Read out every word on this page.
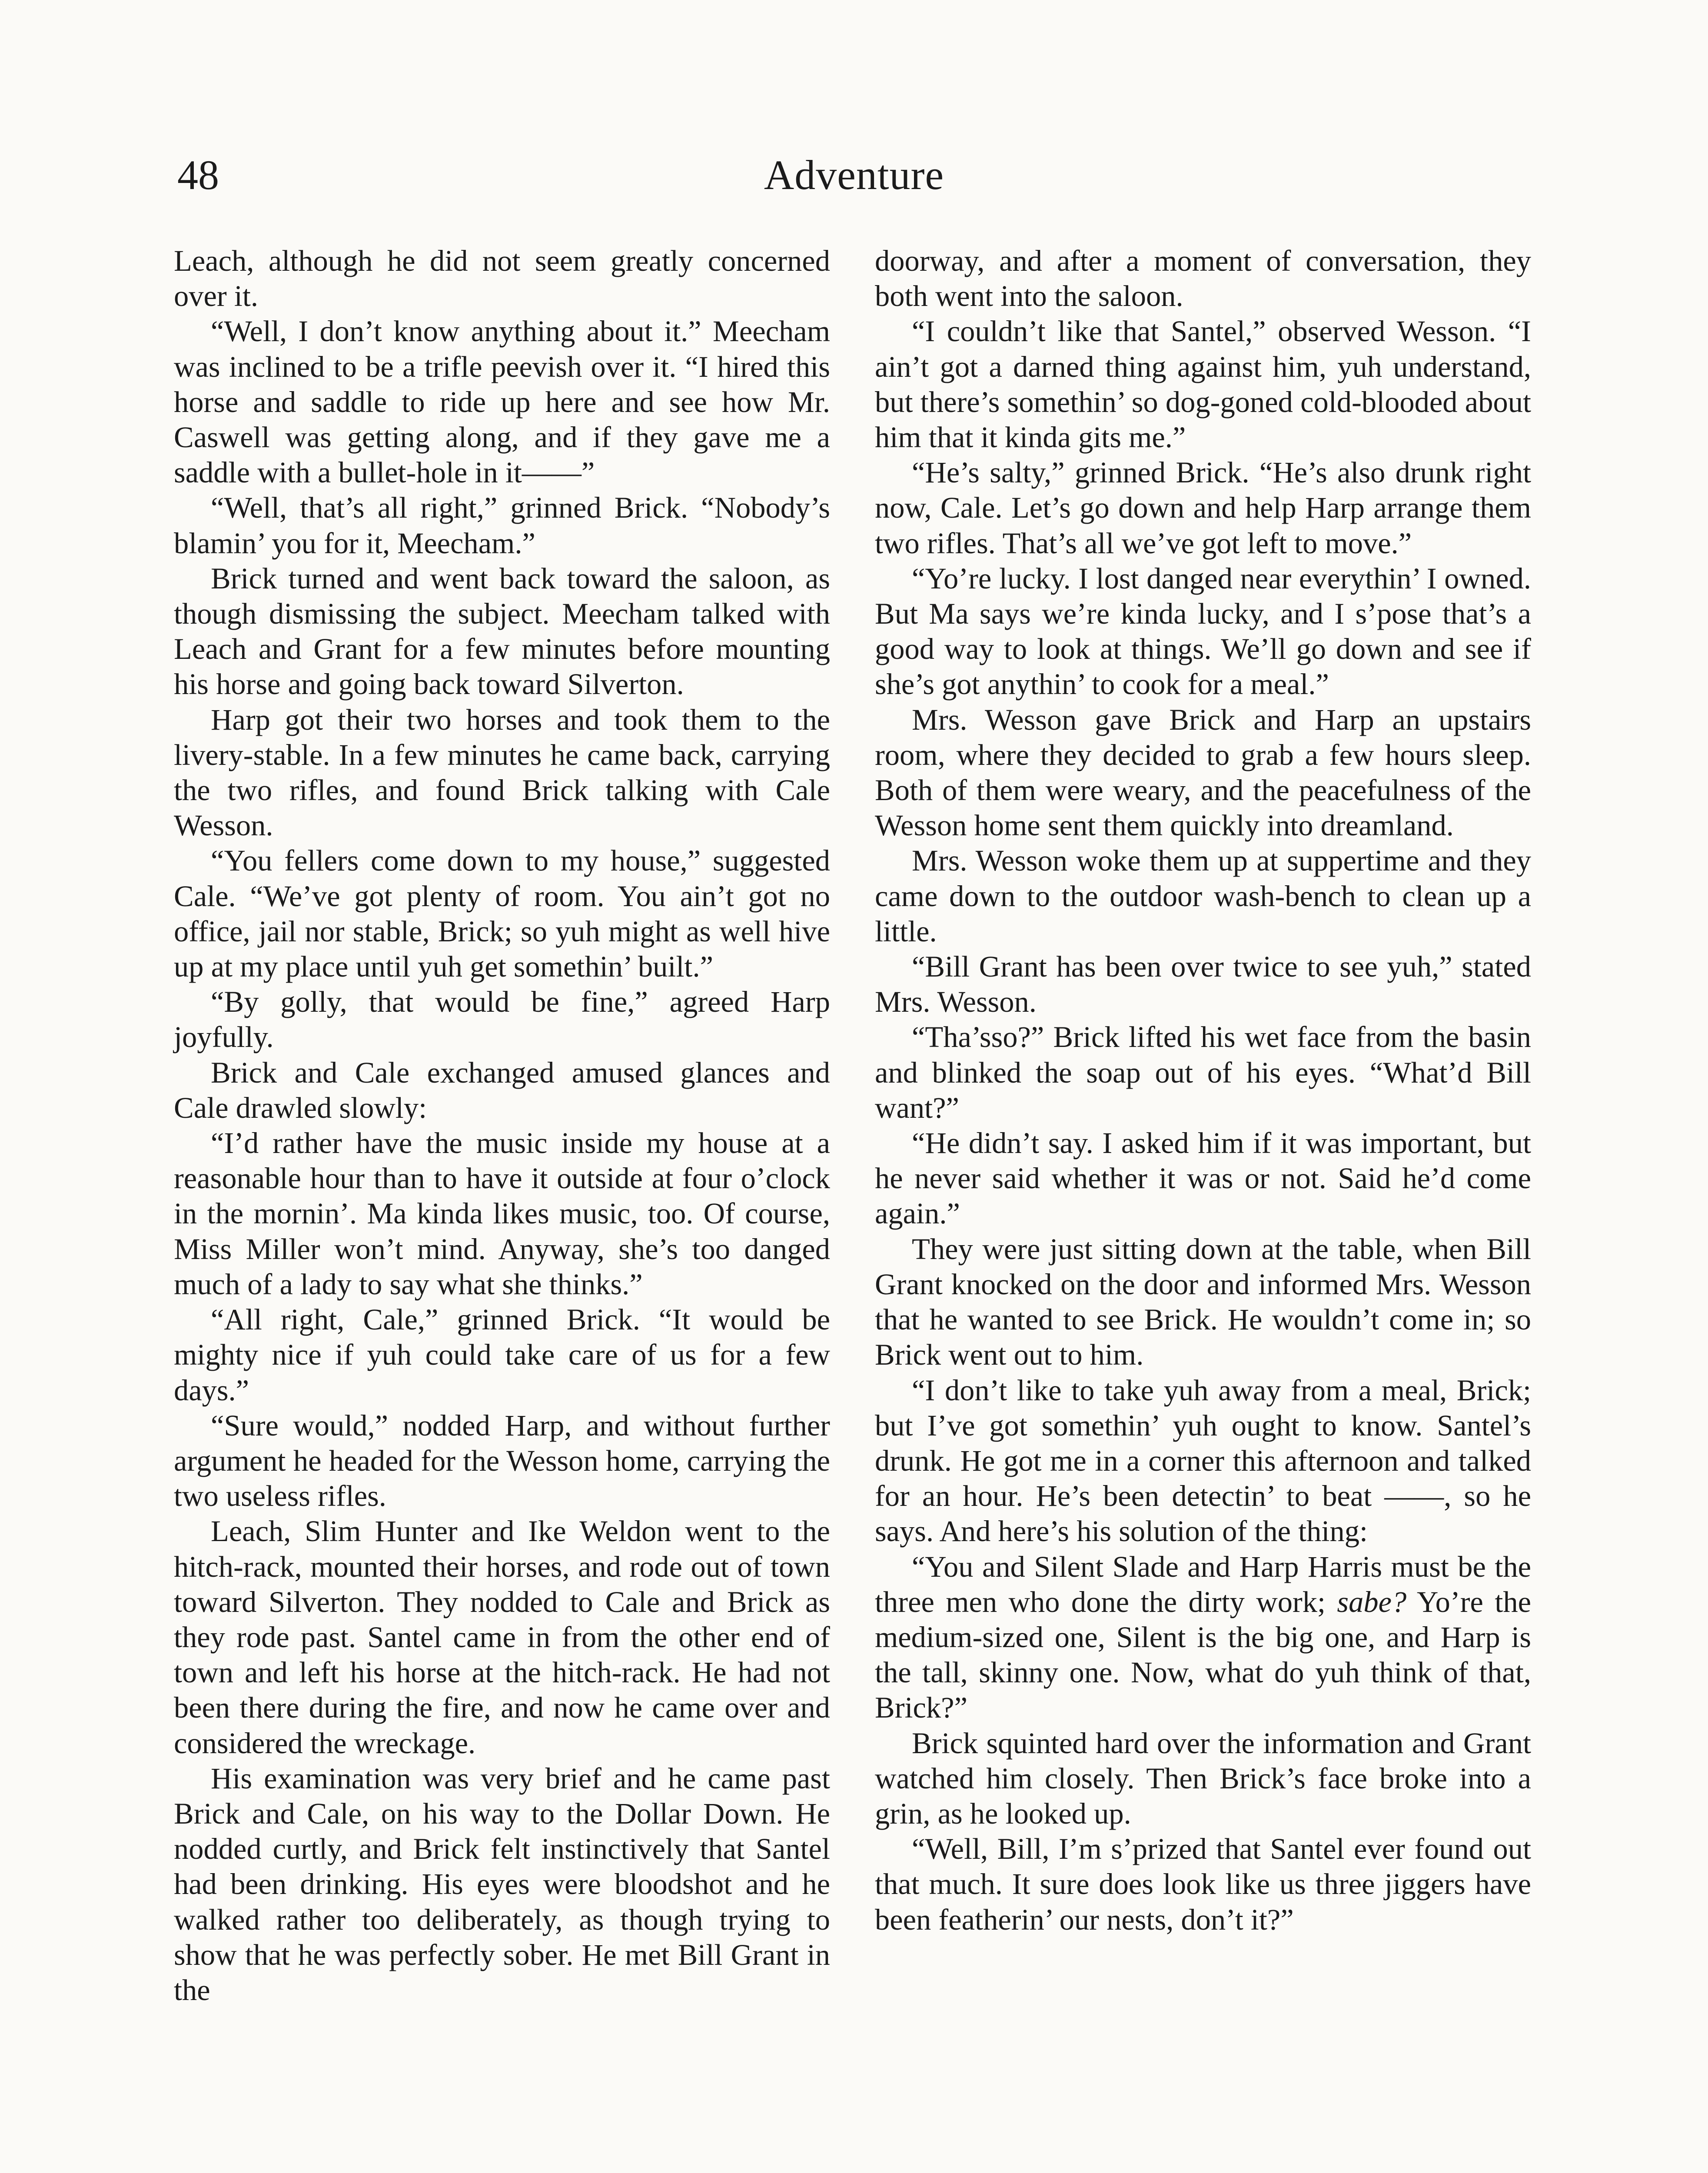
48	Adventure

Leach, although he did not seem greatly concerned over it.

“Well, I don’t know anything about it.” Meecham was inclined to be a trifle peevish over it. “I hired this horse and saddle to ride up here and see how Mr. Caswell was getting along, and if they gave me a saddle with a bullet-hole in it——”

“Well, that’s all right,” grinned Brick. “Nobody’s blamin’ you for it, Meecham.”

Brick turned and went back toward the saloon, as though dismissing the subject. Meecham talked with Leach and Grant for a few minutes before mounting his horse and going back toward Silverton.

Harp got their two horses and took them to the livery-stable. In a few minutes he came back, carrying the two rifles, and found Brick talking with Cale Wesson.

“You fellers come down to my house,” suggested Cale. “We’ve got plenty of room. You ain’t got no office, jail nor stable, Brick; so yuh might as well hive up at my place until yuh get somethin’ built.”

“By golly, that would be fine,” agreed Harp joyfully.

Brick and Cale exchanged amused glances and Cale drawled slowly:

“I’d rather have the music inside my house at a reasonable hour than to have it outside at four o’clock in the mornin’. Ma kinda likes music, too. Of course, Miss Miller won’t mind. Anyway, she’s too danged much of a lady to say what she thinks.”

“All right, Cale,” grinned Brick. “It would be mighty nice if yuh could take care of us for a few days.”

“Sure would,” nodded Harp, and without further argument he headed for the Wesson home, carrying the two useless rifles.

Leach, Slim Hunter and Ike Weldon went to the hitch-rack, mounted their horses, and rode out of town toward Silverton. They nodded to Cale and Brick as they rode past. Santel came in from the other end of town and left his horse at the hitch-rack. He had not been there during the fire, and now he came over and considered the wreckage.

His examination was very brief and he came past Brick and Cale, on his way to the Dollar Down. He nodded curtly, and Brick felt instinctively that Santel had been drinking. His eyes were bloodshot and he walked rather too deliberately, as though trying to show that he was perfectly sober. He met Bill Grant in the

doorway, and after a moment of conversation, they both went into the saloon.

“I couldn’t like that Santel,” observed Wesson. “I ain’t got a darned thing against him, yuh understand, but there’s somethin’ so dog-goned cold-blooded about him that it kinda gits me.”

“He’s salty,” grinned Brick. “He’s also drunk right now, Cale. Let’s go down and help Harp arrange them two rifles. That’s all we’ve got left to move.”

“Yo’re lucky. I lost danged near everythin’ I owned. But Ma says we’re kinda lucky, and I s’pose that’s a good way to look at things. We’ll go down and see if she’s got anythin’ to cook for a meal.”

Mrs. Wesson gave Brick and Harp an upstairs room, where they decided to grab a few hours sleep. Both of them were weary, and the peacefulness of the Wesson home sent them quickly into dreamland.

Mrs. Wesson woke them up at suppertime and they came down to the outdoor wash-bench to clean up a little.

“Bill Grant has been over twice to see yuh,” stated Mrs. Wesson.

“Tha’sso?” Brick lifted his wet face from the basin and blinked the soap out of his eyes. “What’d Bill want?”

“He didn’t say. I asked him if it was important, but he never said whether it was or not. Said he’d come again.”

They were just sitting down at the table, when Bill Grant knocked on the door and informed Mrs. Wesson that he wanted to see Brick. He wouldn’t come in; so Brick went out to him.

“I don’t like to take yuh away from a meal, Brick; but I’ve got somethin’ yuh ought to know. Santel’s drunk. He got me in a corner this afternoon and talked for an hour. He’s been detectin’ to beat ——, so he says. And here’s his solution of the thing:

“You and Silent Slade and Harp Harris must be the three men who done the dirty work; sabe? Yo’re the medium-sized one, Silent is the big one, and Harp is the tall, skinny one. Now, what do yuh think of that, Brick?”

Brick squinted hard over the information and Grant watched him closely. Then Brick’s face broke into a grin, as he looked up.

“Well, Bill, I’m s’prized that Santel ever found out that much. It sure does look like us three jiggers have been featherin’ our nests, don’t it?”
